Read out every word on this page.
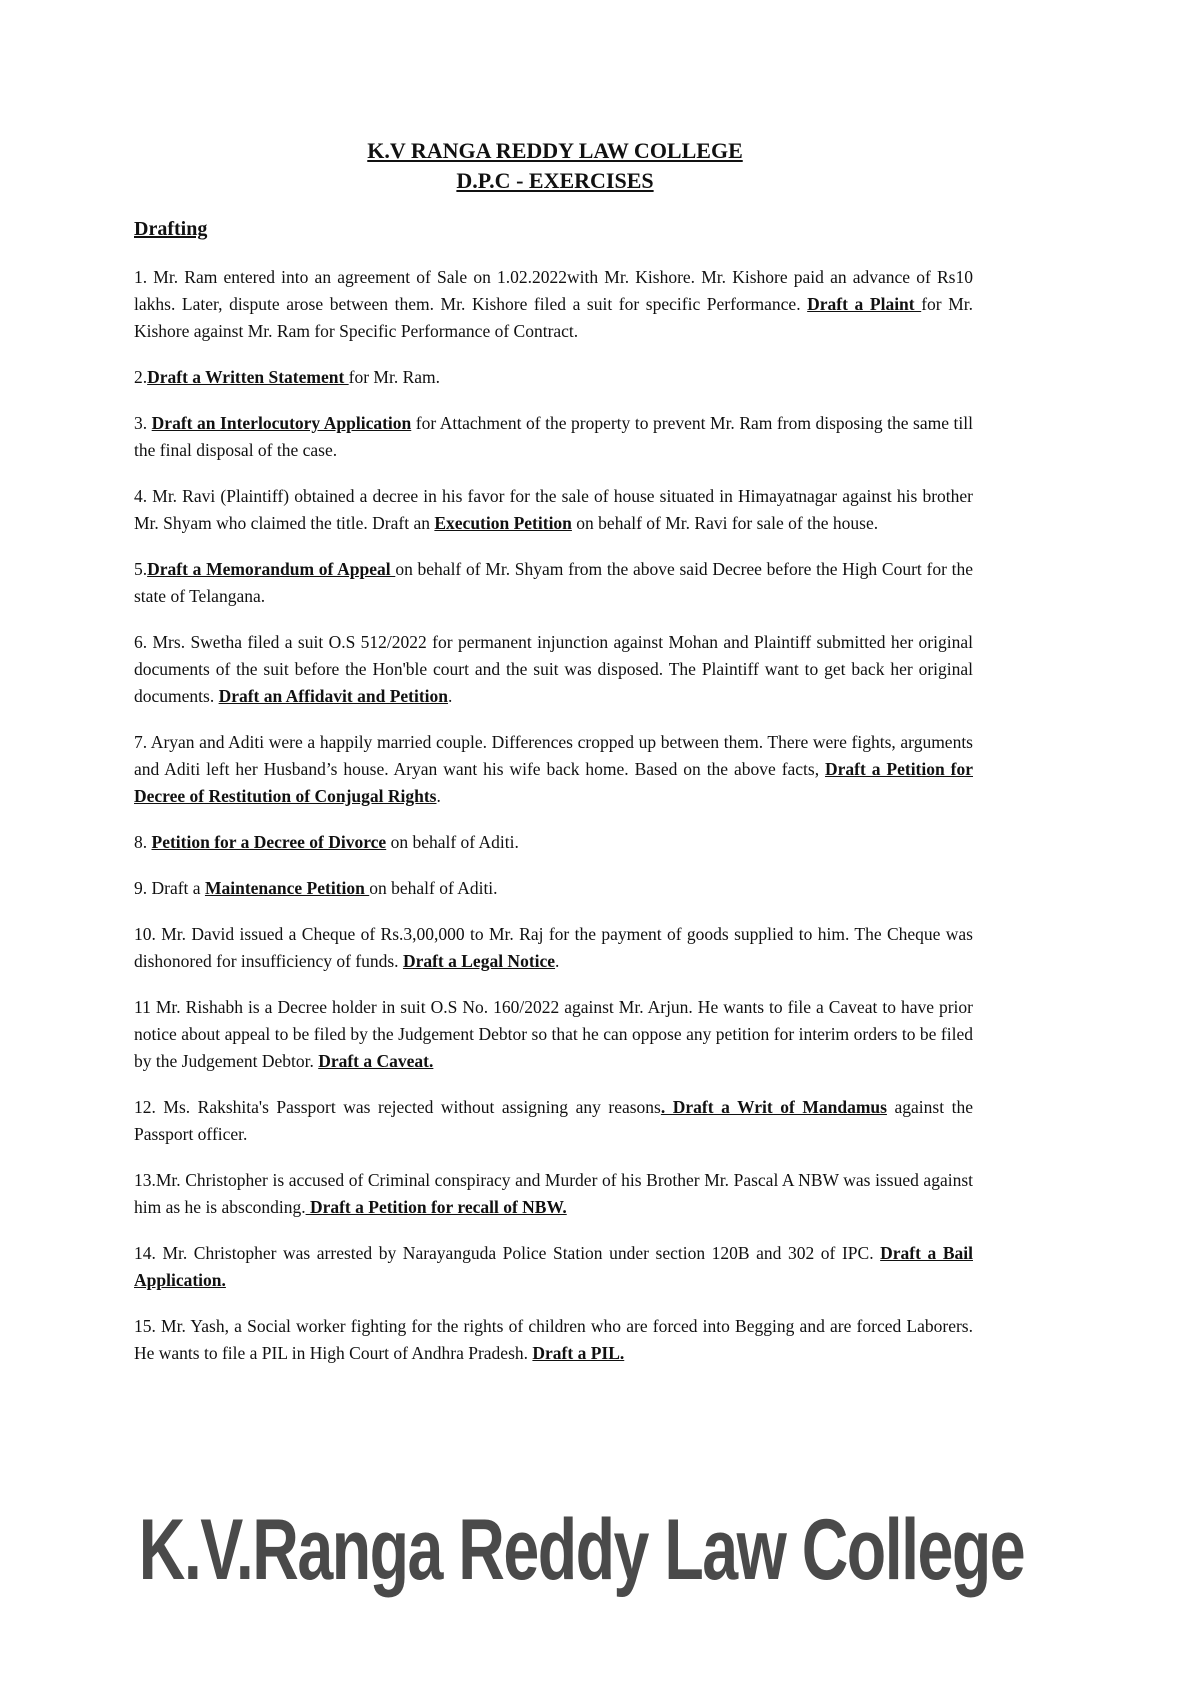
K.V RANGA REDDY LAW COLLEGE
D.P.C - EXERCISES
Drafting

1. Mr. Ram entered into an agreement of Sale on 1.02.2022with Mr. Kishore. Mr. Kishore paid an advance of Rs10 lakhs. Later, dispute arose between them. Mr. Kishore filed a suit for specific Performance. Draft a Plaint for Mr. Kishore against Mr. Ram for Specific Performance of Contract.

2.Draft a Written Statement for Mr. Ram.

3. Draft an Interlocutory Application for Attachment of the property to prevent Mr. Ram from disposing the same till the final disposal of the case.

4. Mr. Ravi (Plaintiff) obtained a decree in his favor for the sale of house situated in Himayatnagar against his brother Mr. Shyam who claimed the title. Draft an Execution Petition on behalf of Mr. Ravi for sale of the house.

5.Draft a Memorandum of Appeal on behalf of Mr. Shyam from the above said Decree before the High Court for the state of Telangana.

6. Mrs. Swetha filed a suit O.S 512/2022 for permanent injunction against Mohan and Plaintiff submitted her original documents of the suit before the Hon'ble court and the suit was disposed. The Plaintiff want to get back her original documents. Draft an Affidavit and Petition.

7. Aryan and Aditi were a happily married couple. Differences cropped up between them. There were fights, arguments and Aditi left her Husband’s house. Aryan want his wife back home. Based on the above facts, Draft a Petition for Decree of Restitution of Conjugal Rights.

8. Petition for a Decree of Divorce on behalf of Aditi.

9. Draft a Maintenance Petition on behalf of Aditi.

10. Mr. David issued a Cheque of Rs.3,00,000 to Mr. Raj for the payment of goods supplied to him. The Cheque was dishonored for insufficiency of funds. Draft a Legal Notice.

11 Mr. Rishabh is a Decree holder in suit O.S No. 160/2022 against Mr. Arjun. He wants to file a Caveat to have prior notice about appeal to be filed by the Judgement Debtor so that he can oppose any petition for interim orders to be filed by the Judgement Debtor. Draft a Caveat.

12. Ms. Rakshita's Passport was rejected without assigning any reasons. Draft a Writ of Mandamus against the Passport officer.

13.Mr. Christopher is accused of Criminal conspiracy and Murder of his Brother Mr. Pascal A NBW was issued against him as he is absconding. Draft a Petition for recall of NBW.

14. Mr. Christopher was arrested by Narayanguda Police Station under section 120B and 302 of IPC. Draft a Bail Application.

15. Mr. Yash, a Social worker fighting for the rights of children who are forced into Begging and are forced Laborers. He wants to file a PIL in High Court of Andhra Pradesh. Draft a PIL.

K.V.Ranga Reddy Law College
